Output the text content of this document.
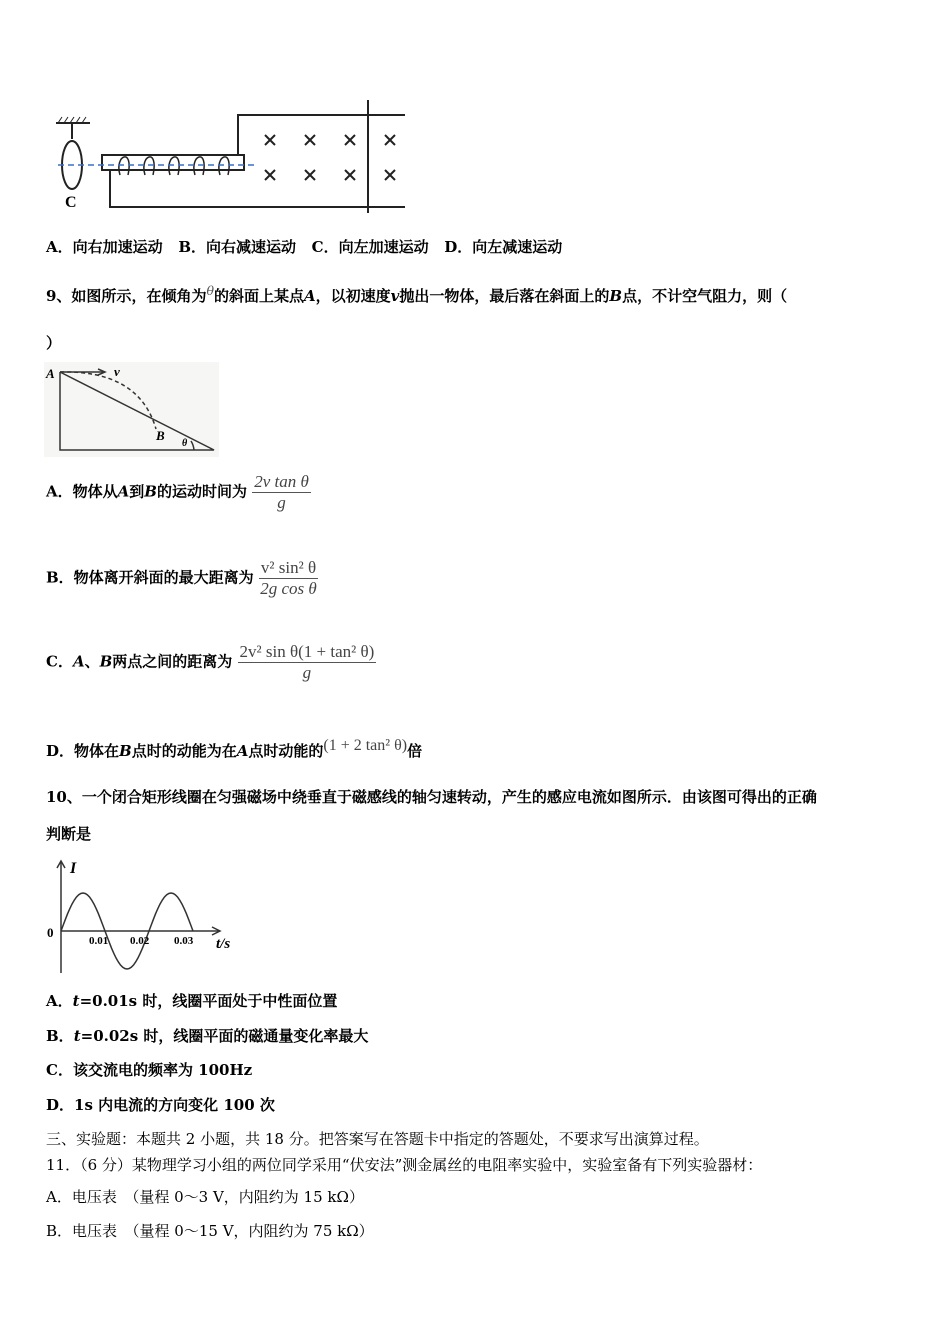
C
A．向右加速运动 B．向右减速运动 C．向左加速运动 D．向左减速运动
9、如图所示，在倾角为$^\theta$的斜面上某点A，以初速度v抛出一物体，最后落在斜面上的B点，不计空气阻力，则（
）
A	v
B
θ
A．物体从A到B的运动时间为 $\frac{\text{2v tan θ}}{g}$
B．物体离开斜面的最大距离为 $\frac{\text{v² sin² θ}}{\text{2g cos θ}}$
C．A、B两点之间的距离为 $\frac{\text{2v² sin θ(1 + tan² θ)}}{g}$
D．物体在B点时的动能为在A点时动能的$^{(1 + 2 tan^2 \theta)}$倍
10、一个闭合矩形线圈在匀强磁场中绕垂直于磁感线的轴匀速转动，产生的感应电流如图所示．由该图可得出的正确
判断是
I
0
0.01 0.02 0.03 t/s
A．t=0.01s 时，线圈平面处于中性面位置
B．t=0.02s 时，线圈平面的磁通量变化率最大
C．该交流电的频率为 100Hz
D．1s 内电流的方向变化 100 次
三、实验题：本题共 2 小题，共 18 分。把答案写在答题卡中指定的答题处，不要求写出演算过程。
11．（6 分）某物理学习小组的两位同学采用“伏安法”测金属丝的电阻率实验中，实验室备有下列实验器材：
A．电压表　（量程 0～3 V，内阻约为 15 kΩ）
B．电压表　（量程 0～15 V，内阻约为 75 kΩ）
